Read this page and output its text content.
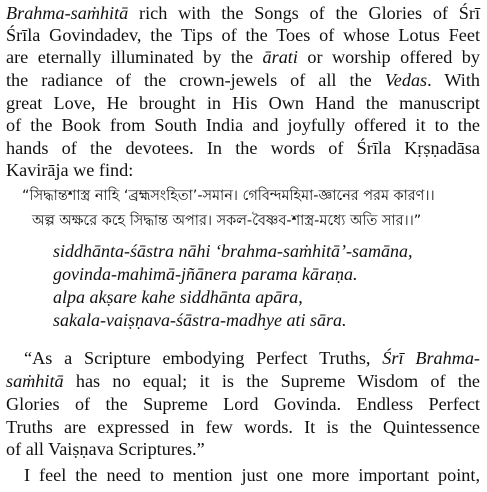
Brahma-saṁhitā rich with the Songs of the Glories of Śrī
Śrīla Govindadev, the Tips of the Toes of whose Lotus Feet
are eternally illuminated by the ārati or worship offered by
the radiance of the crown-jewels of all the Vedas. With
great Love, He brought in His Own Hand the manuscript
of the Book from South India and joyfully offered it to the
hands of the devotees. In the words of Śrīla Kṛṣṇadāsa
Kavirāja we find:
“সিদ্ধান্তশাস্ত্র নাহি ‘ব্রহ্মসংহিতা’-সমান। গেবিন্দমহিমা-জ্ঞানের পরম কারণ।।
অল্প অক্ষরে কহে সিদ্ধান্ত অপার। সকল-বৈষ্ণব-শাস্ত্র-মধ্যে অতি সার।।”
siddhānta-śāstra nāhi ‘brahma-saṁhitā’-samāna,
govinda-mahimā-jñānera parama kāraṇa.
alpa akṣare kahe siddhānta apāra,
sakala-vaiṣṇava-śāstra-madhye ati sāra.
“As a Scripture embodying Perfect Truths, Śrī Brahma-
saṁhitā has no equal; it is the Supreme Wisdom of the
Glories of the Supreme Lord Govinda. Endless Perfect
Truths are expressed in few words. It is the Quintessence
of all Vaiṣṇava Scriptures.”
I feel the need to mention just one more important point,
